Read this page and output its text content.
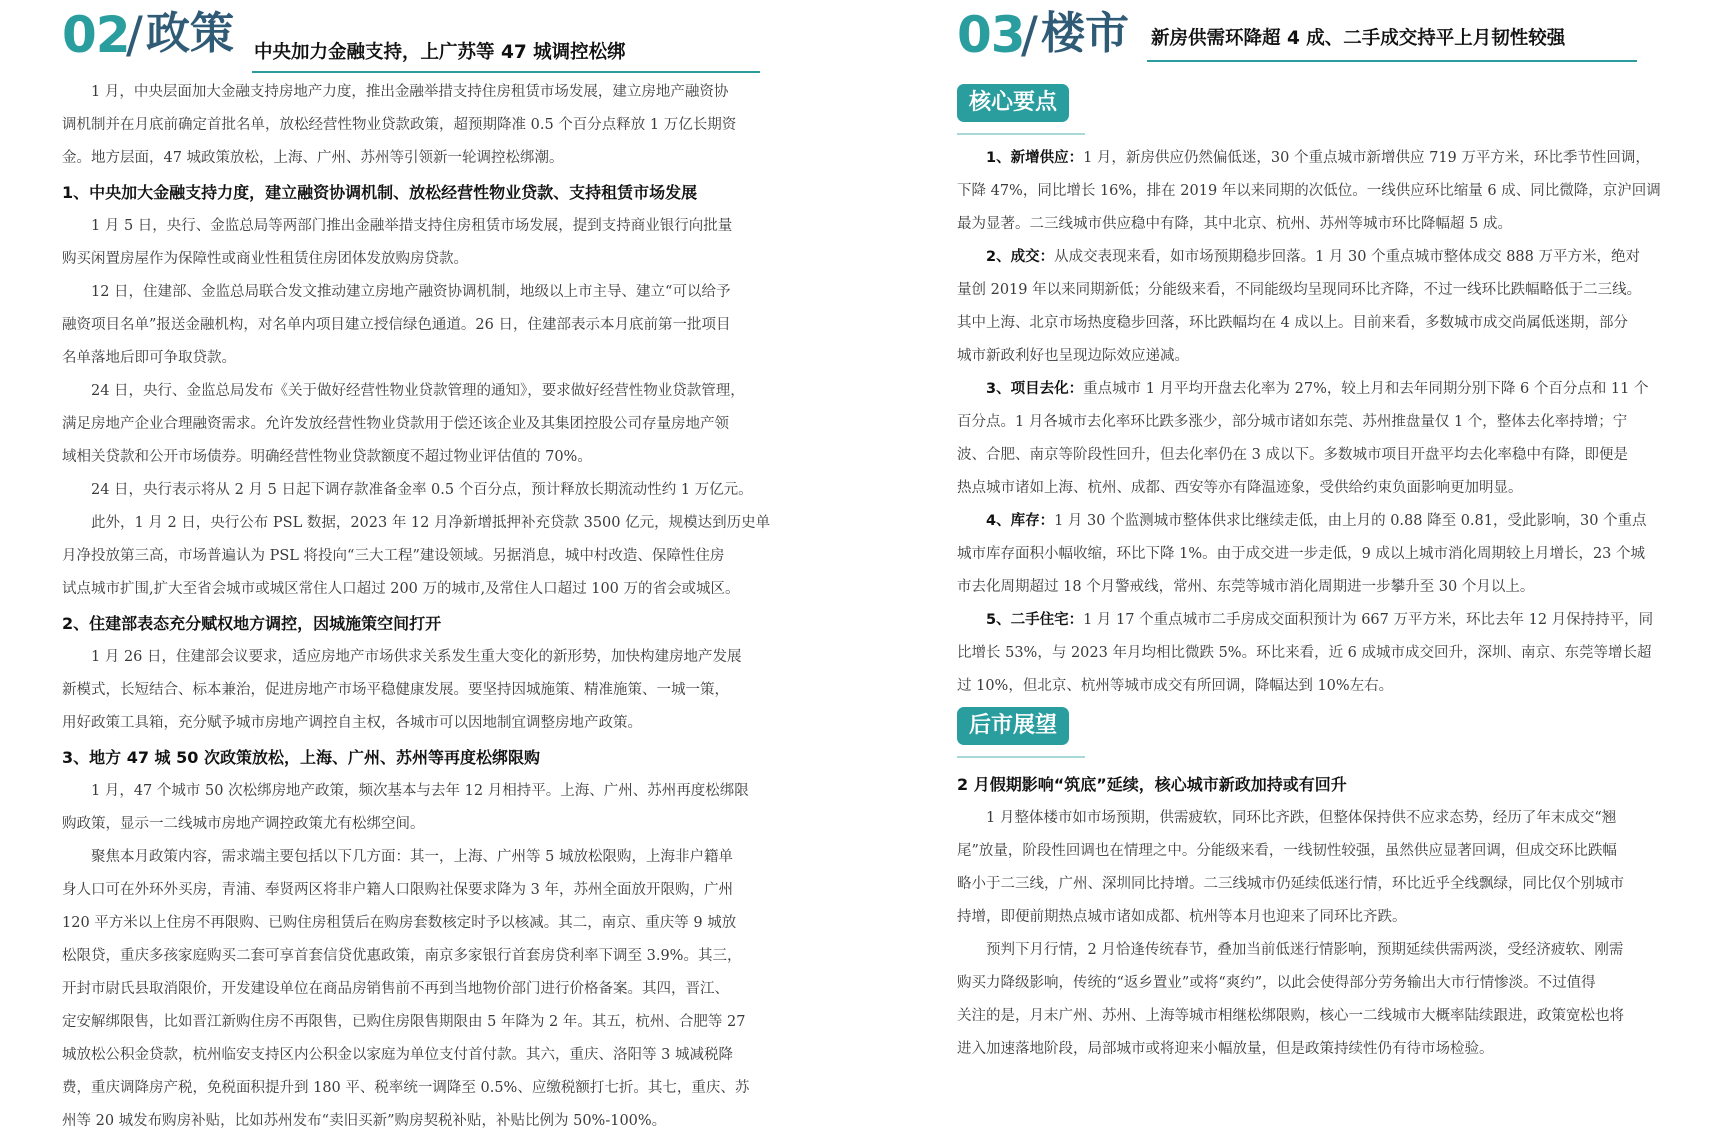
02
/ 政策 中央加力金融支持，上广苏等 47 城调控松绑

1 月，中央层面加大金融支持房地产力度，推出金融举措支持住房租赁市场发展，建立房地产融资协
调机制并在月底前确定首批名单，放松经营性物业贷款政策，超预期降准 0.5 个百分点释放 1 万亿长期资
金。地方层面，47 城政策放松，上海、广州、苏州等引领新一轮调控松绑潮。

1、中央加大金融支持力度，建立融资协调机制、放松经营性物业贷款、支持租赁市场发展

1 月 5 日，央行、金监总局等两部门推出金融举措支持住房租赁市场发展，提到支持商业银行向批量
购买闲置房屋作为保障性或商业性租赁住房团体发放购房贷款。

12 日，住建部、金监总局联合发文推动建立房地产融资协调机制，地级以上市主导、建立“可以给予
融资项目名单”报送金融机构，对名单内项目建立授信绿色通道。26 日，住建部表示本月底前第一批项目
名单落地后即可争取贷款。

24 日，央行、金监总局发布《关于做好经营性物业贷款管理的通知》，要求做好经营性物业贷款管理，
满足房地产企业合理融资需求。允许发放经营性物业贷款用于偿还该企业及其集团控股公司存量房地产领
域相关贷款和公开市场债券。明确经营性物业贷款额度不超过物业评估值的 70%。

24 日，央行表示将从 2 月 5 日起下调存款准备金率 0.5 个百分点，预计释放长期流动性约 1 万亿元。

此外，1 月 2 日，央行公布 PSL 数据，2023 年 12 月净新增抵押补充贷款 3500 亿元，规模达到历史单
月净投放第三高，市场普遍认为 PSL 将投向“三大工程”建设领域。另据消息，城中村改造、保障性住房
试点城市扩围,扩大至省会城市或城区常住人口超过 200 万的城市,及常住人口超过 100 万的省会或城区。

2、住建部表态充分赋权地方调控，因城施策空间打开

1 月 26 日，住建部会议要求，适应房地产市场供求关系发生重大变化的新形势，加快构建房地产发展
新模式，长短结合、标本兼治，促进房地产市场平稳健康发展。要坚持因城施策、精准施策、一城一策，
用好政策工具箱，充分赋予城市房地产调控自主权，各城市可以因地制宜调整房地产政策。

3、地方 47 城 50 次政策放松，上海、广州、苏州等再度松绑限购

1 月，47 个城市 50 次松绑房地产政策，频次基本与去年 12 月相持平。上海、广州、苏州再度松绑限
购政策，显示一二线城市房地产调控政策尤有松绑空间。

聚焦本月政策内容，需求端主要包括以下几方面：其一，上海、广州等 5 城放松限购，上海非户籍单
身人口可在外环外买房，青浦、奉贤两区将非户籍人口限购社保要求降为 3 年，苏州全面放开限购，广州
120 平方米以上住房不再限购、已购住房租赁后在购房套数核定时予以核减。其二，南京、重庆等 9 城放
松限贷，重庆多孩家庭购买二套可享首套信贷优惠政策，南京多家银行首套房贷利率下调至 3.9%。其三，
开封市尉氏县取消限价，开发建设单位在商品房销售前不再到当地物价部门进行价格备案。其四，晋江、
定安解绑限售，比如晋江新购住房不再限售，已购住房限售期限由 5 年降为 2 年。其五，杭州、合肥等 27
城放松公积金贷款，杭州临安支持区内公积金以家庭为单位支付首付款。其六，重庆、洛阳等 3 城减税降
费，重庆调降房产税，免税面积提升到 180 平、税率统一调降至 0.5%、应缴税额打七折。其七，重庆、苏
州等 20 城发布购房补贴，比如苏州发布“卖旧买新”购房契税补贴，补贴比例为 50%-100%。

03
/ 楼市 新房供需环降超 4 成、二手成交持平上月韧性较强
核心要点

1、新增供应：1 月，新房供应仍然偏低迷，30 个重点城市新增供应 719 万平方米，环比季节性回调，
下降 47%，同比增长 16%，排在 2019 年以来同期的次低位。一线供应环比缩量 6 成、同比微降，京沪回调
最为显著。二三线城市供应稳中有降，其中北京、杭州、苏州等城市环比降幅超 5 成。

2、成交：从成交表现来看，如市场预期稳步回落。1 月 30 个重点城市整体成交 888 万平方米，绝对
量创 2019 年以来同期新低；分能级来看，不同能级均呈现同环比齐降，不过一线环比跌幅略低于二三线。
其中上海、北京市场热度稳步回落，环比跌幅均在 4 成以上。目前来看，多数城市成交尚属低迷期，部分
城市新政利好也呈现边际效应递减。

3、项目去化：重点城市 1 月平均开盘去化率为 27%，较上月和去年同期分别下降 6 个百分点和 11 个
百分点。1 月各城市去化率环比跌多涨少，部分城市诸如东莞、苏州推盘量仅 1 个，整体去化率持增；宁
波、合肥、南京等阶段性回升，但去化率仍在 3 成以下。多数城市项目开盘平均去化率稳中有降，即便是
热点城市诸如上海、杭州、成都、西安等亦有降温迹象，受供给约束负面影响更加明显。

4、库存：1 月 30 个监测城市整体供求比继续走低，由上月的 0.88 降至 0.81，受此影响，30 个重点
城市库存面积小幅收缩，环比下降 1%。由于成交进一步走低，9 成以上城市消化周期较上月增长，23 个城
市去化周期超过 18 个月警戒线，常州、东莞等城市消化周期进一步攀升至 30 个月以上。

5、二手住宅：1 月 17 个重点城市二手房成交面积预计为 667 万平方米，环比去年 12 月保持持平，同
比增长 53%，与 2023 年月均相比微跌 5%。环比来看，近 6 成城市成交回升，深圳、南京、东莞等增长超
过 10%，但北京、杭州等城市成交有所回调，降幅达到 10%左右。

后市展望
2 月假期影响“筑底”延续，核心城市新政加持或有回升

1 月整体楼市如市场预期，供需疲软，同环比齐跌，但整体保持供不应求态势，经历了年末成交“翘
尾”放量，阶段性回调也在情理之中。分能级来看，一线韧性较强，虽然供应显著回调，但成交环比跌幅
略小于二三线，广州、深圳同比持增。二三线城市仍延续低迷行情，环比近乎全线飘绿，同比仅个别城市
持增，即便前期热点城市诸如成都、杭州等本月也迎来了同环比齐跌。

预判下月行情，2 月恰逢传统春节，叠加当前低迷行情影响，预期延续供需两淡，受经济疲软、刚需
购买力降级影响，传统的“返乡置业”或将“爽约”，以此会使得部分劳务输出大市行情惨淡。不过值得
关注的是，月末广州、苏州、上海等城市相继松绑限购，核心一二线城市大概率陆续跟进，政策宽松也将
进入加速落地阶段，局部城市或将迎来小幅放量，但是政策持续性仍有待市场检验。
